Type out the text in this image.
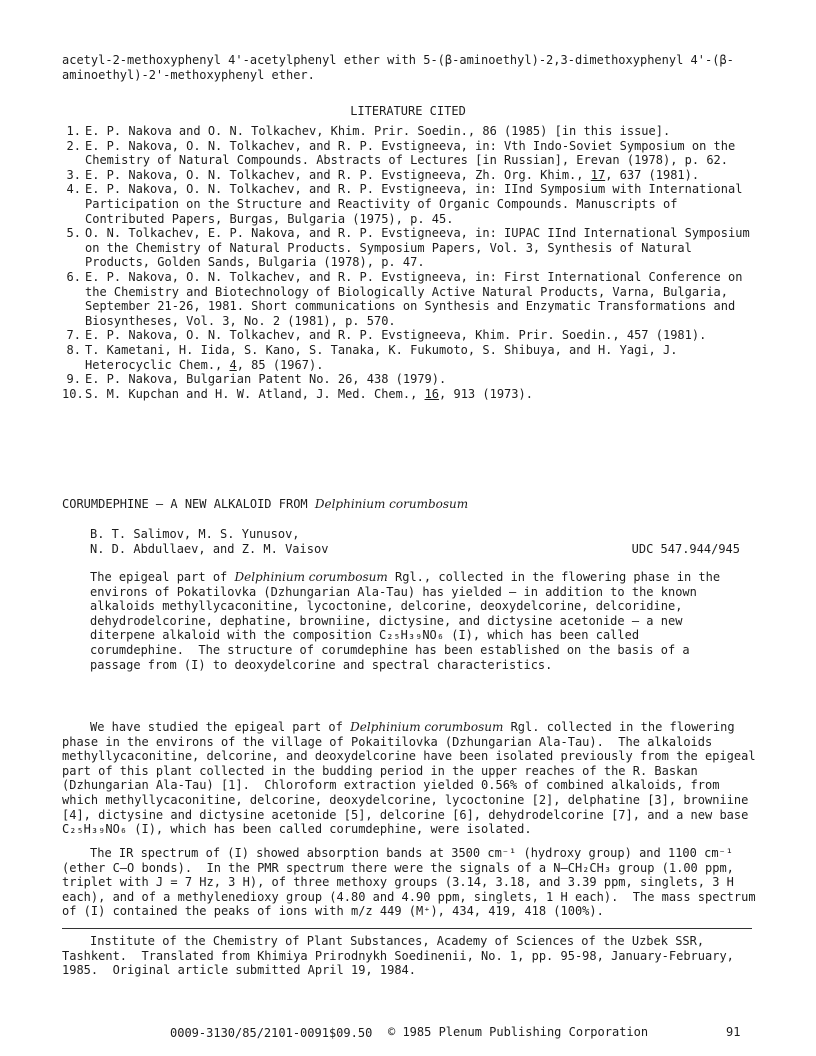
acetyl-2-methoxyphenyl 4'-acetylphenyl ether with 5-(β-aminoethyl)-2,3-dimethoxyphenyl 4'-(β-aminoethyl)-2'-methoxyphenyl ether.

LITERATURE CITED
1. E. P. Nakova and O. N. Tolkachev, Khim. Prir. Soedin., 86 (1985) [in this issue].
2. E. P. Nakova, O. N. Tolkachev, and R. P. Evstigneeva, in: Vth Indo-Soviet Symposium on the Chemistry of Natural Compounds. Abstracts of Lectures [in Russian], Erevan (1978), p. 62.
3. E. P. Nakova, O. N. Tolkachev, and R. P. Evstigneeva, Zh. Org. Khim., 17, 637 (1981).
4. E. P. Nakova, O. N. Tolkachev, and R. P. Evstigneeva, in: IInd Symposium with International Participation on the Structure and Reactivity of Organic Compounds. Manuscripts of Contributed Papers, Burgas, Bulgaria (1975), p. 45.
5. O. N. Tolkachev, E. P. Nakova, and R. P. Evstigneeva, in: IUPAC IInd International Symposium on the Chemistry of Natural Products. Symposium Papers, Vol. 3, Synthesis of Natural Products, Golden Sands, Bulgaria (1978), p. 47.
6. E. P. Nakova, O. N. Tolkachev, and R. P. Evstigneeva, in: First International Conference on the Chemistry and Biotechnology of Biologically Active Natural Products, Varna, Bulgaria, September 21-26, 1981. Short communications on Synthesis and Enzymatic Transformations and Biosyntheses, Vol. 3, No. 2 (1981), p. 570.
7. E. P. Nakova, O. N. Tolkachev, and R. P. Evstigneeva, Khim. Prir. Soedin., 457 (1981).
8. T. Kametani, H. Iida, S. Kano, S. Tanaka, K. Fukumoto, S. Shibuya, and H. Yagi, J. Heterocyclic Chem., 4, 85 (1967).
9. E. P. Nakova, Bulgarian Patent No. 26, 438 (1979).
10. S. M. Kupchan and H. W. Atland, J. Med. Chem., 16, 913 (1973).
CORUMDEPHINE — A NEW ALKALOID FROM Delphinium corumbosum
B. T. Salimov, M. S. Yunusov,
N. D. Abdullaev, and Z. M. Vaisov	UDC 547.944/945

The epigeal part of Delphinium corumbosum Rgl., collected in the flowering phase in the environs of Pokatilovka (Dzhungarian Ala-Tau) has yielded — in addition to the known alkaloids methyllycaconitine, lycoctonine, delcorine, deoxydelcorine, delcoridine, dehydrodelcorine, dephatine, browniine, dictysine, and dictysine acetonide — a new diterpene alkaloid with the composition C₂₅H₃₉NO₆ (I), which has been called corumdephine.  The structure of corumdephine has been established on the basis of a passage from (I) to deoxydelcorine and spectral characteristics.

We have studied the epigeal part of Delphinium corumbosum Rgl. collected in the flowering phase in the environs of the village of Pokaitilovka (Dzhungarian Ala-Tau).  The alkaloids methyllycaconitine, delcorine, and deoxydelcorine have been isolated previously from the epigeal part of this plant collected in the budding period in the upper reaches of the R. Baskan (Dzhungarian Ala-Tau) [1].  Chloroform extraction yielded 0.56% of combined alkaloids, from which methyllycaconitine, delcorine, deoxydelcorine, lycoctonine [2], delphatine [3], browniine [4], dictysine and dictysine acetonide [5], delcorine [6], dehydrodelcorine [7], and a new base C₂₅H₃₉NO₆ (I), which has been called corumdephine, were isolated.

The IR spectrum of (I) showed absorption bands at 3500 cm⁻¹ (hydroxy group) and 1100 cm⁻¹ (ether C—O bonds).  In the PMR spectrum there were the signals of a N—CH₂CH₃ group (1.00 ppm, triplet with J = 7 Hz, 3 H), of three methoxy groups (3.14, 3.18, and 3.39 ppm, singlets, 3 H each), and of a methylenedioxy group (4.80 and 4.90 ppm, singlets, 1 H each).  The mass spectrum of (I) contained the peaks of ions with m/z 449 (M⁺), 434, 419, 418 (100%).

Institute of the Chemistry of Plant Substances, Academy of Sciences of the Uzbek SSR, Tashkent.  Translated from Khimiya Prirodnykh Soedinenii, No. 1, pp. 95-98, January-February, 1985.  Original article submitted April 19, 1984.

0009-3130/85/2101-0091$09.50 © 1985 Plenum Publishing Corporation	91
